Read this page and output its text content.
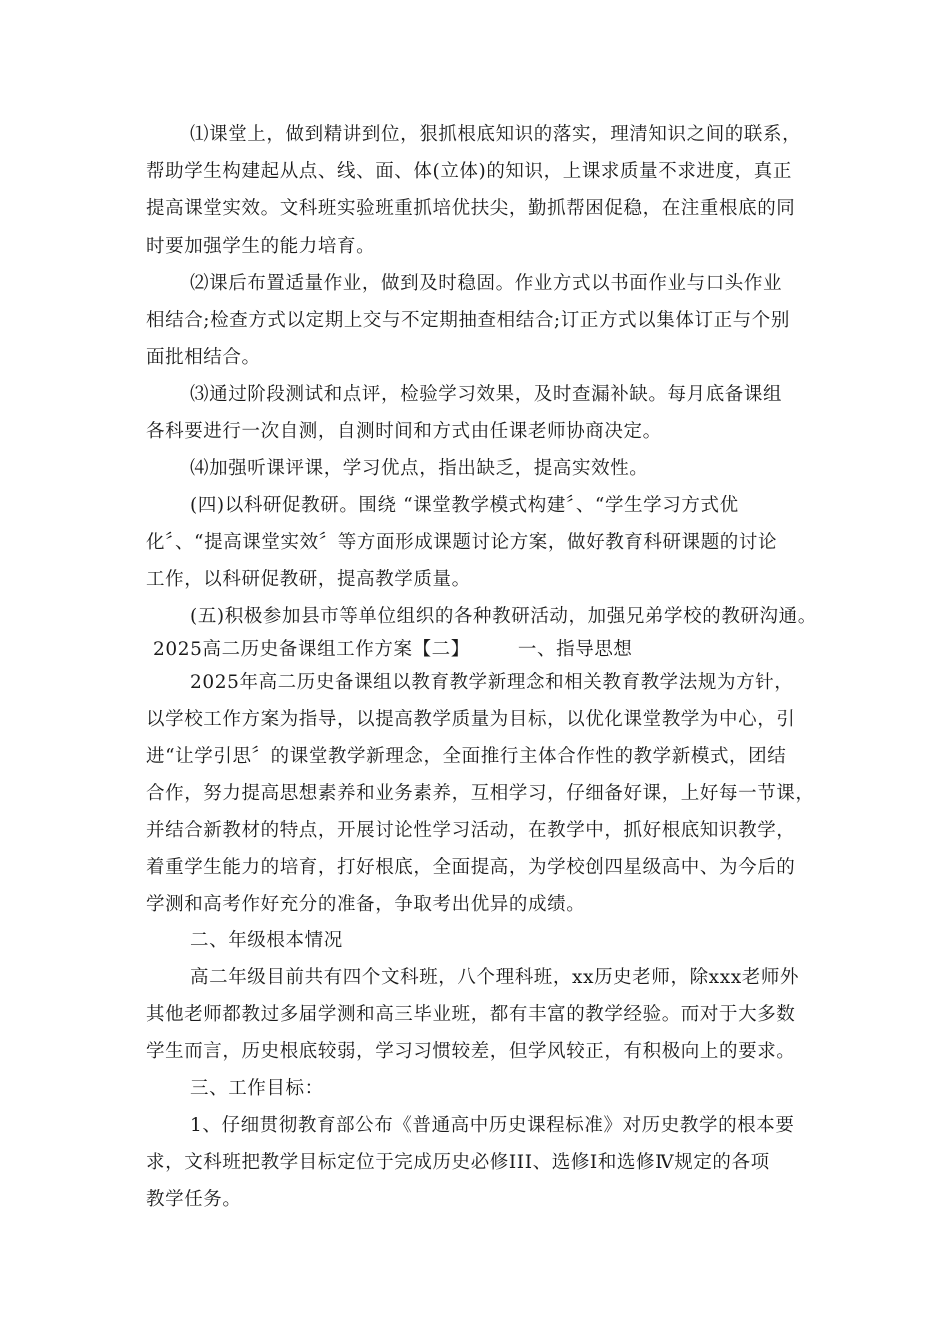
⑴课堂上，做到精讲到位，狠抓根底知识的落实，理清知识之间的联系，
帮助学生构建起从点、线、面、体(立体)的知识，上课求质量不求进度，真正
提高课堂实效。文科班实验班重抓培优扶尖，勤抓帮困促稳，在注重根底的同
时要加强学生的能力培育。
⑵课后布置适量作业，做到及时稳固。作业方式以书面作业与口头作业
相结合;检查方式以定期上交与不定期抽查相结合;订正方式以集体订正与个别
面批相结合。
⑶通过阶段测试和点评，检验学习效果，及时查漏补缺。每月底备课组
各科要进行一次自测，自测时间和方式由任课老师协商决定。
⑷加强听课评课，学习优点，指出缺乏，提高实效性。
(四)以科研促教研。围绕 “课堂教学模式构建〞、“学生学习方式优
化〞、“提高课堂实效〞等方面形成课题讨论方案，做好教育科研课题的讨论
工作，以科研促教研，提高教学质量。
(五)积极参加县市等单位组织的各种教研活动，加强兄弟学校的教研沟通。
2025高二历史备课组工作方案【二】　　　一、指导思想
2025年高二历史备课组以教育教学新理念和相关教育教学法规为方针，
以学校工作方案为指导，以提高教学质量为目标，以优化课堂教学为中心，引
进“让学引思〞的课堂教学新理念，全面推行主体合作性的教学新模式，团结
合作，努力提高思想素养和业务素养，互相学习，仔细备好课，上好每一节课，
并结合新教材的特点，开展讨论性学习活动，在教学中，抓好根底知识教学，
着重学生能力的培育，打好根底，全面提高，为学校创四星级高中、为今后的
学测和高考作好充分的准备，争取考出优异的成绩。
二、年级根本情况
高二年级目前共有四个文科班，八个理科班，xx历史老师，除xxx老师外
其他老师都教过多届学测和高三毕业班，都有丰富的教学经验。而对于大多数
学生而言，历史根底较弱，学习习惯较差，但学风较正，有积极向上的要求。
三、工作目标：
1、仔细贯彻教育部公布《普通高中历史课程标准》对历史教学的根本要
求，文科班把教学目标定位于完成历史必修III、选修Ⅰ和选修Ⅳ规定的各项
教学任务。
